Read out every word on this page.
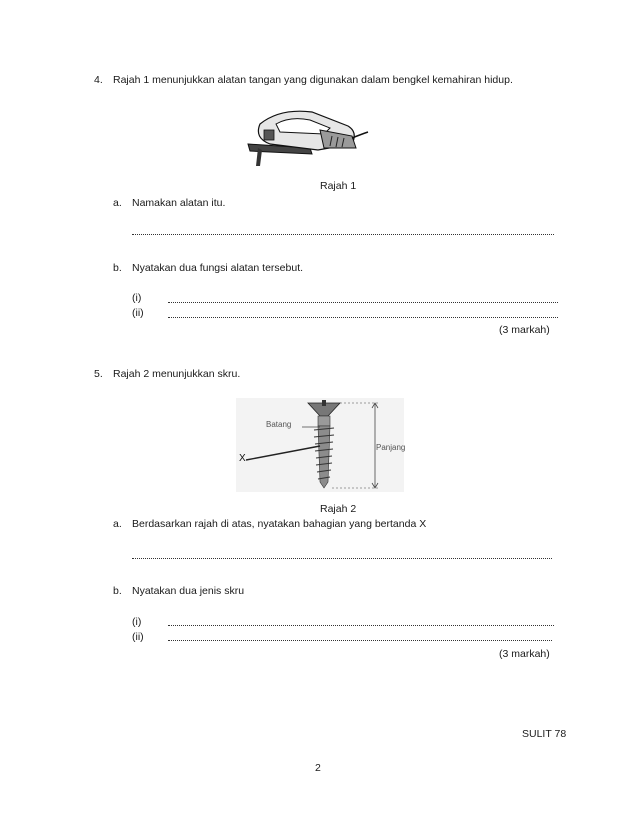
4. Rajah 1 menunjukkan alatan tangan yang digunakan dalam bengkel kemahiran hidup.
Rajah 1
a. Namakan alatan itu.
b. Nyatakan dua fungsi alatan tersebut.
(i)
(ii)
(3 markah)
5. Rajah 2 menunjukkan skru.
Batang
Panjang
X
Rajah 2
a. Berdasarkan rajah di atas, nyatakan bahagian yang bertanda X
b. Nyatakan dua jenis skru
(i)
(ii)
(3 markah)
SULIT 78
2
